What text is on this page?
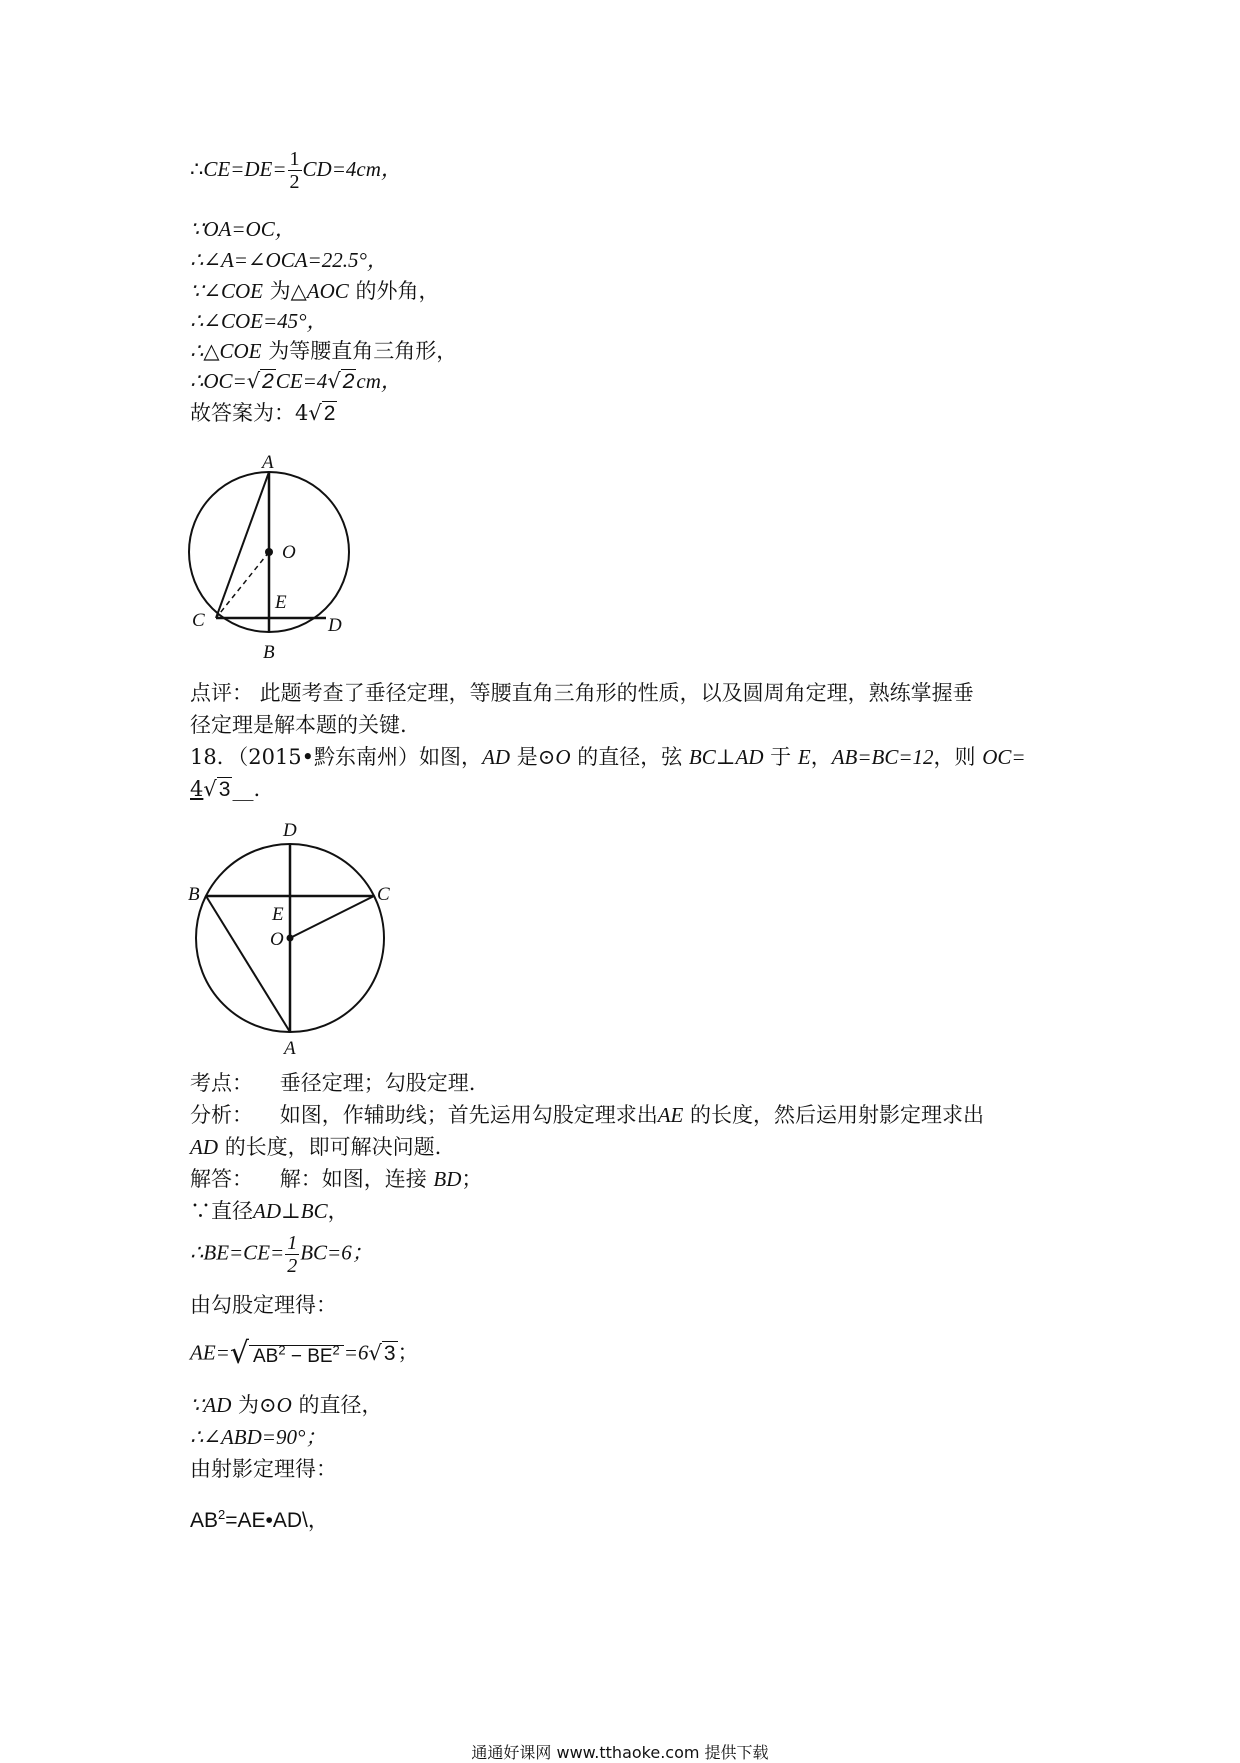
∴CE=DE= $\frac{1}{2} CD=4cm$，
∵OA=OC，
∴∠A=∠OCA=22.5°，
∵∠COE 为△AOC 的外角，
∴∠COE=45°，
∴△COE 为等腰直角三角形，
∴OC=√2CE=4√2cm，
故答案为：4√2
A
O
E
C	D
B
点评： 此题考查了垂径定理，等腰直角三角形的性质，以及圆周角定理，熟练掌握垂
径定理是解本题的关键.
18．（2015•黔东南州）如图，AD 是⊙O 的直径，弦 BC⊥AD 于 E，AB=BC=12，则 OC=
4√3__.
D
B	C
E
O
A
考点： 垂径定理；勾股定理.
分析： 如图，作辅助线；首先运用勾股定理求出AE 的长度，然后运用射影定理求出
AD 的长度，即可解决问题.
解答： 解：如图，连接 BD；
∵直径AD⊥BC，
∴BE=CE= $\frac{1}{2} BC=6$；
由勾股定理得：
AE=√ $AB^2 - BE^2 =6√3$；
∵AD 为⊙O 的直径，
∴∠ABD=90°；
由射影定理得：
$AB^2=AE•AD\backslash$，
通通好课网 www.tthaoke.com 提供下载
